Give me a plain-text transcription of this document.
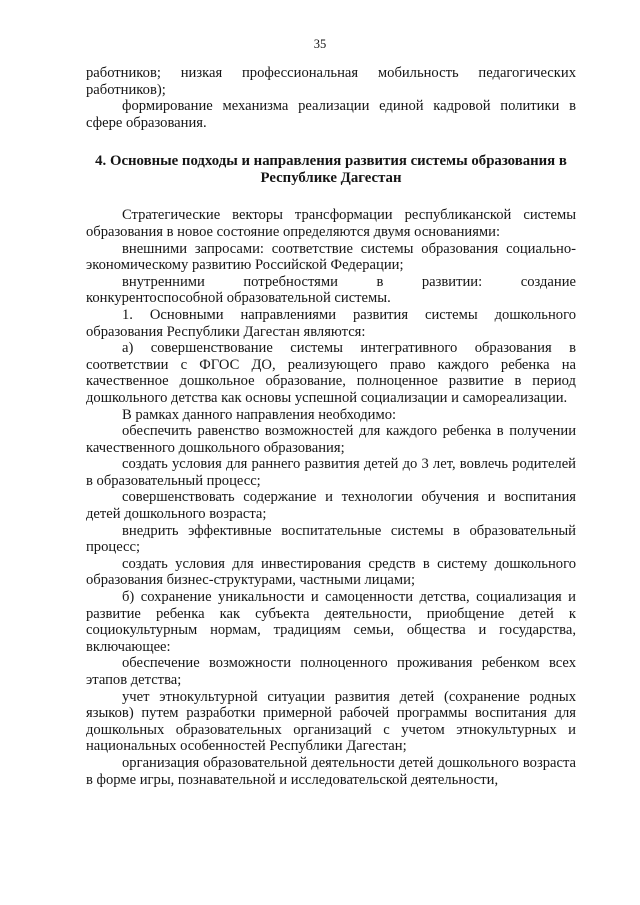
35

работников; низкая профессиональная мобильность педагогических работников);

формирование механизма реализации единой кадровой политики в сфере образования.

4. Основные подходы и направления развития системы образования в
Республике Дагестан

Стратегические векторы трансформации республиканской системы образования в новое состояние определяются двумя основаниями:

внешними запросами: соответствие системы образования социально-экономическому развитию Российской Федерации;

внутренними потребностями в развитии: создание конкурентоспособной образовательной системы.

1. Основными направлениями развития системы дошкольного образования Республики Дагестан являются:

а) совершенствование системы интегративного образования в соответствии с ФГОС ДО, реализующего право каждого ребенка на качественное дошкольное образование, полноценное развитие в период дошкольного детства как основы успешной социализации и самореализации.

В рамках данного направления необходимо:

обеспечить равенство возможностей для каждого ребенка в получении качественного дошкольного образования;

создать условия для раннего развития детей до 3 лет, вовлечь родителей в образовательный процесс;

совершенствовать содержание и технологии обучения и воспитания детей дошкольного возраста;

внедрить эффективные воспитательные системы в образовательный процесс;

создать условия для инвестирования средств в систему дошкольного образования бизнес-структурами, частными лицами;

б) сохранение уникальности и самоценности детства, социализация и развитие ребенка как субъекта деятельности, приобщение детей к социокультурным нормам, традициям семьи, общества и государства, включающее:

обеспечение возможности полноценного проживания ребенком всех этапов детства;

учет этнокультурной ситуации развития детей (сохранение родных языков) путем разработки примерной рабочей программы воспитания для дошкольных образовательных организаций с учетом этнокультурных и национальных особенностей Республики Дагестан;

организация образовательной деятельности детей дошкольного возраста в форме игры, познавательной и исследовательской деятельности,
